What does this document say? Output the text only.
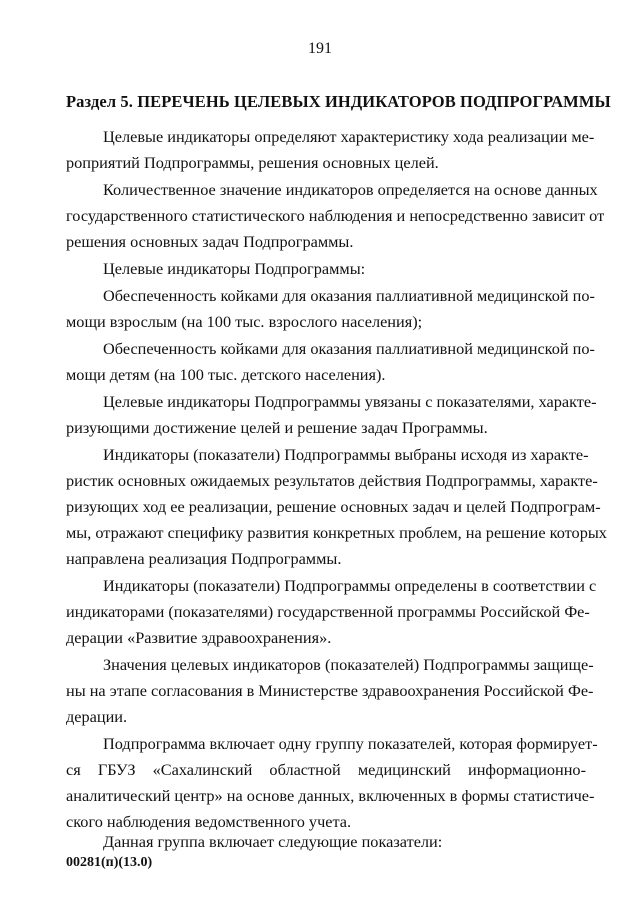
191
Раздел 5. ПЕРЕЧЕНЬ ЦЕЛЕВЫХ ИНДИКАТОРОВ ПОДПРОГРАММЫ
Целевые индикаторы определяют характеристику хода реализации ме-
роприятий Подпрограммы, решения основных целей.
Количественное значение индикаторов определяется на основе данных
государственного статистического наблюдения и непосредственно зависит от
решения основных задач Подпрограммы.
Целевые индикаторы Подпрограммы:
Обеспеченность койками для оказания паллиативной медицинской по-
мощи взрослым (на 100 тыс. взрослого населения);
Обеспеченность койками для оказания паллиативной медицинской по-
мощи детям (на 100 тыс. детского населения).
Целевые индикаторы Подпрограммы увязаны с показателями, характе-
ризующими достижение целей и решение задач Программы.
Индикаторы (показатели) Подпрограммы выбраны исходя из характе-
ристик основных ожидаемых результатов действия Подпрограммы, характе-
ризующих ход ее реализации, решение основных задач и целей Подпрограм-
мы, отражают специфику развития конкретных проблем, на решение которых
направлена реализация Подпрограммы.
Индикаторы (показатели) Подпрограммы определены в соответствии с
индикаторами (показателями) государственной программы Российской Фе-
дерации «Развитие здравоохранения».
Значения целевых индикаторов (показателей) Подпрограммы защище-
ны на этапе согласования в Министерстве здравоохранения Российской Фе-
дерации.
Подпрограмма включает одну группу показателей, которая формирует-
ся ГБУЗ «Сахалинский областной медицинский информационно-
аналитический центр» на основе данных, включенных в формы статистиче-
ского наблюдения ведомственного учета.
Данная группа включает следующие показатели:
00281(п)(13.0)
